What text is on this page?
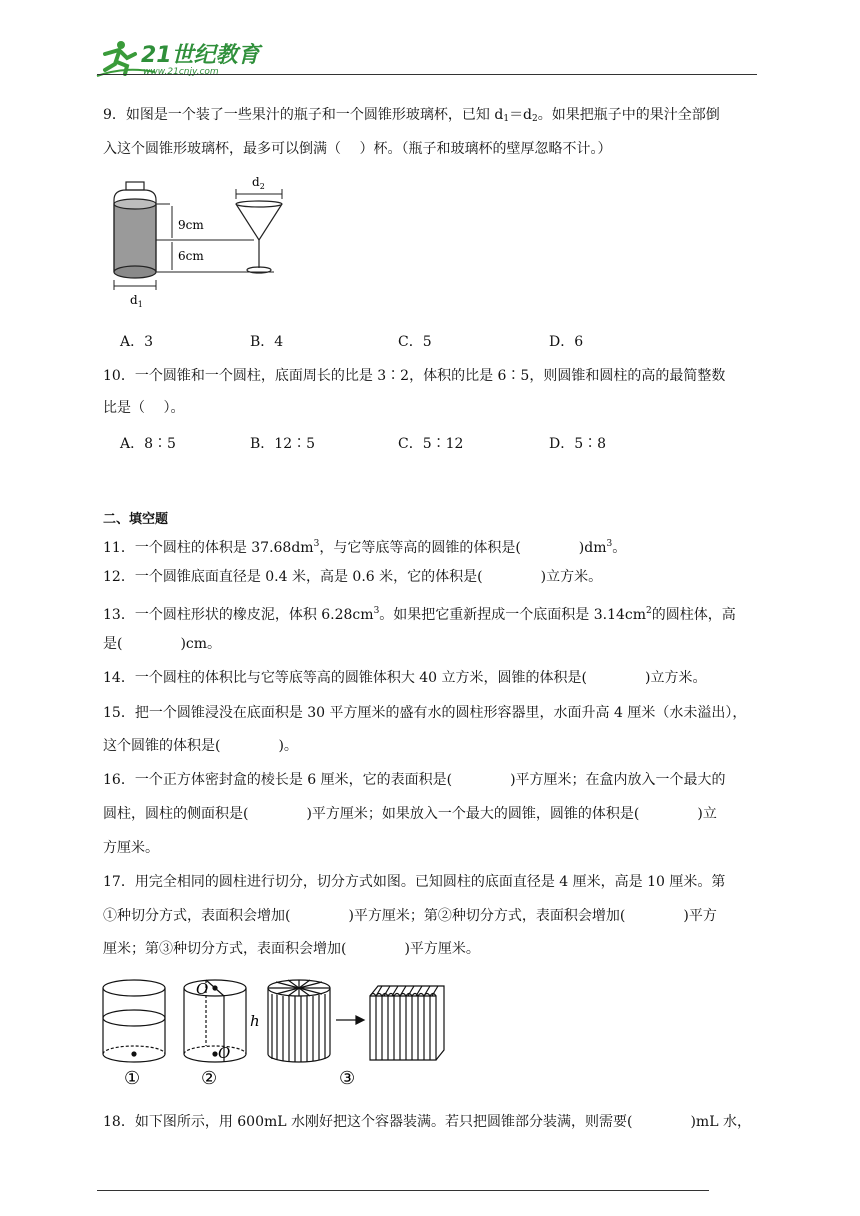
21世纪教育
www.21cnjy.com
9．如图是一个装了一些果汁的瓶子和一个圆锥形玻璃杯，已知 $d_1=d_2$。如果把瓶子中的果汁全部倒
入这个圆锥形玻璃杯，最多可以倒满（　 ）杯。（瓶子和玻璃杯的壁厚忽略不计。）
9cm
6cm
$d_1$
$d_2$
A．3	B．4	C．5	D．6
10．一个圆锥和一个圆柱，底面周长的比是 3∶2，体积的比是 6∶5，则圆锥和圆柱的高的最简整数
比是（　 ）。
A．8∶5	B．12∶5	C．5∶12	D．5∶8
二、填空题
11．一个圆柱的体积是 $37.68dm^3$，与它等底等高的圆锥的体积是(	)$dm^3$。
12．一个圆锥底面直径是 0.4 米，高是 0.6 米，它的体积是(	)立方米。
13．一个圆柱形状的橡皮泥，体积 $6.28cm^3$。如果把它重新捏成一个底面积是 $3.14cm^2$的圆柱体，高
是(	)cm。
14．一个圆柱的体积比与它等底等高的圆锥体积大 40 立方米，圆锥的体积是(	)立方米。
15．把一个圆锥浸没在底面积是 30 平方厘米的盛有水的圆柱形容器里，水面升高 4 厘米（水未溢出），
这个圆锥的体积是(	)。
16．一个正方体密封盒的棱长是 6 厘米，它的表面积是(	)平方厘米；在盒内放入一个最大的
圆柱，圆柱的侧面积是(	)平方厘米；如果放入一个最大的圆锥，圆锥的体积是(	)立
方厘米。
17．用完全相同的圆柱进行切分，切分方式如图。已知圆柱的底面直径是 4 厘米，高是 10 厘米。第
①种切分方式，表面积会增加(	)平方厘米；第②种切分方式，表面积会增加(	)平方
厘米；第③种切分方式，表面积会增加(	)平方厘米。
O
O
h
①	②	③
18．如下图所示，用 600mL 水刚好把这个容器装满。若只把圆锥部分装满，则需要(	)mL 水，
